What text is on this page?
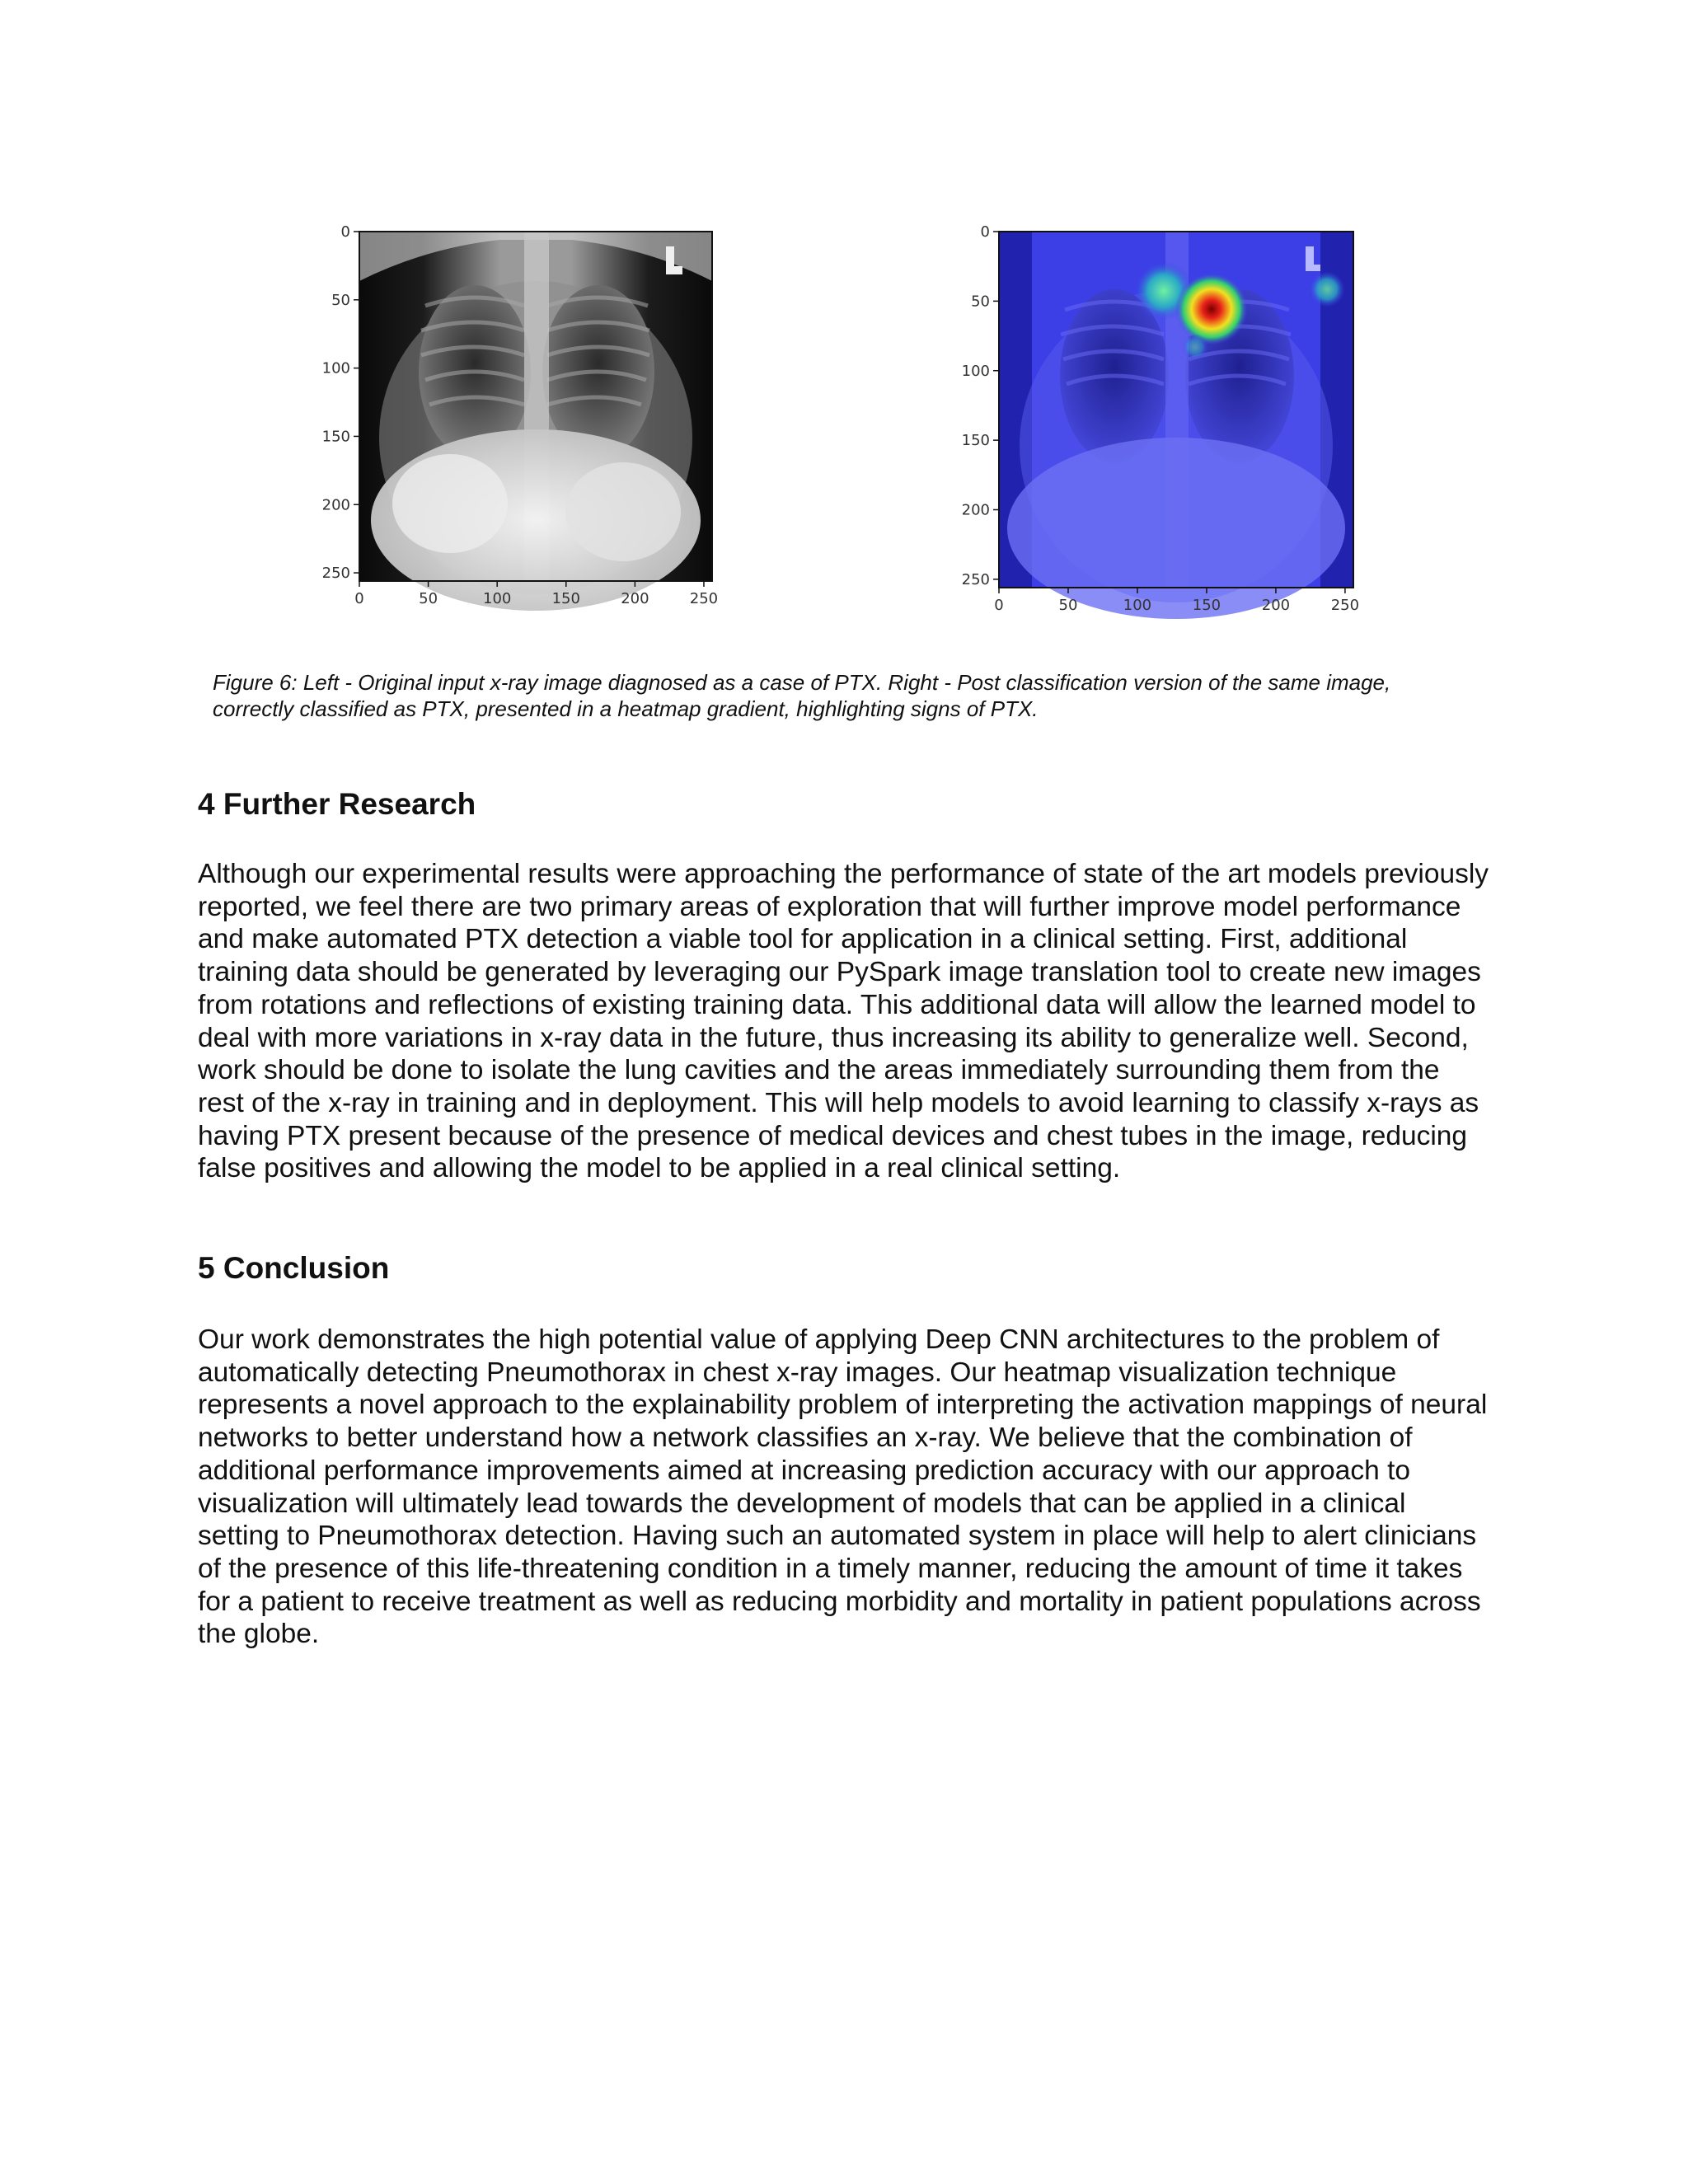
0
50
100
150
200
250
0	50	100	150	200	250
0
50
100
150
200
250
0	50	100	150	200	250
Figure 6: Left - Original input x-ray image diagnosed as a case of PTX. Right - Post classification version of the same image,
correctly classified as PTX, presented in a heatmap gradient, highlighting signs of PTX.
4 Further Research
Although our experimental results were approaching the performance of state of the art models previously
reported, we feel there are two primary areas of exploration that will further improve model performance
and make automated PTX detection a viable tool for application in a clinical setting. First, additional
training data should be generated by leveraging our PySpark image translation tool to create new images
from rotations and reflections of existing training data. This additional data will allow the learned model to
deal with more variations in x-ray data in the future, thus increasing its ability to generalize well. Second,
work should be done to isolate the lung cavities and the areas immediately surrounding them from the
rest of the x-ray in training and in deployment. This will help models to avoid learning to classify x-rays as
having PTX present because of the presence of medical devices and chest tubes in the image, reducing
false positives and allowing the model to be applied in a real clinical setting.
5 Conclusion
Our work demonstrates the high potential value of applying Deep CNN architectures to the problem of
automatically detecting Pneumothorax in chest x-ray images. Our heatmap visualization technique
represents a novel approach to the explainability problem of interpreting the activation mappings of neural
networks to better understand how a network classifies an x-ray. We believe that the combination of
additional performance improvements aimed at increasing prediction accuracy with our approach to
visualization will ultimately lead towards the development of models that can be applied in a clinical
setting to Pneumothorax detection. Having such an automated system in place will help to alert clinicians
of the presence of this life-threatening condition in a timely manner, reducing the amount of time it takes
for a patient to receive treatment as well as reducing morbidity and mortality in patient populations across
the globe.
